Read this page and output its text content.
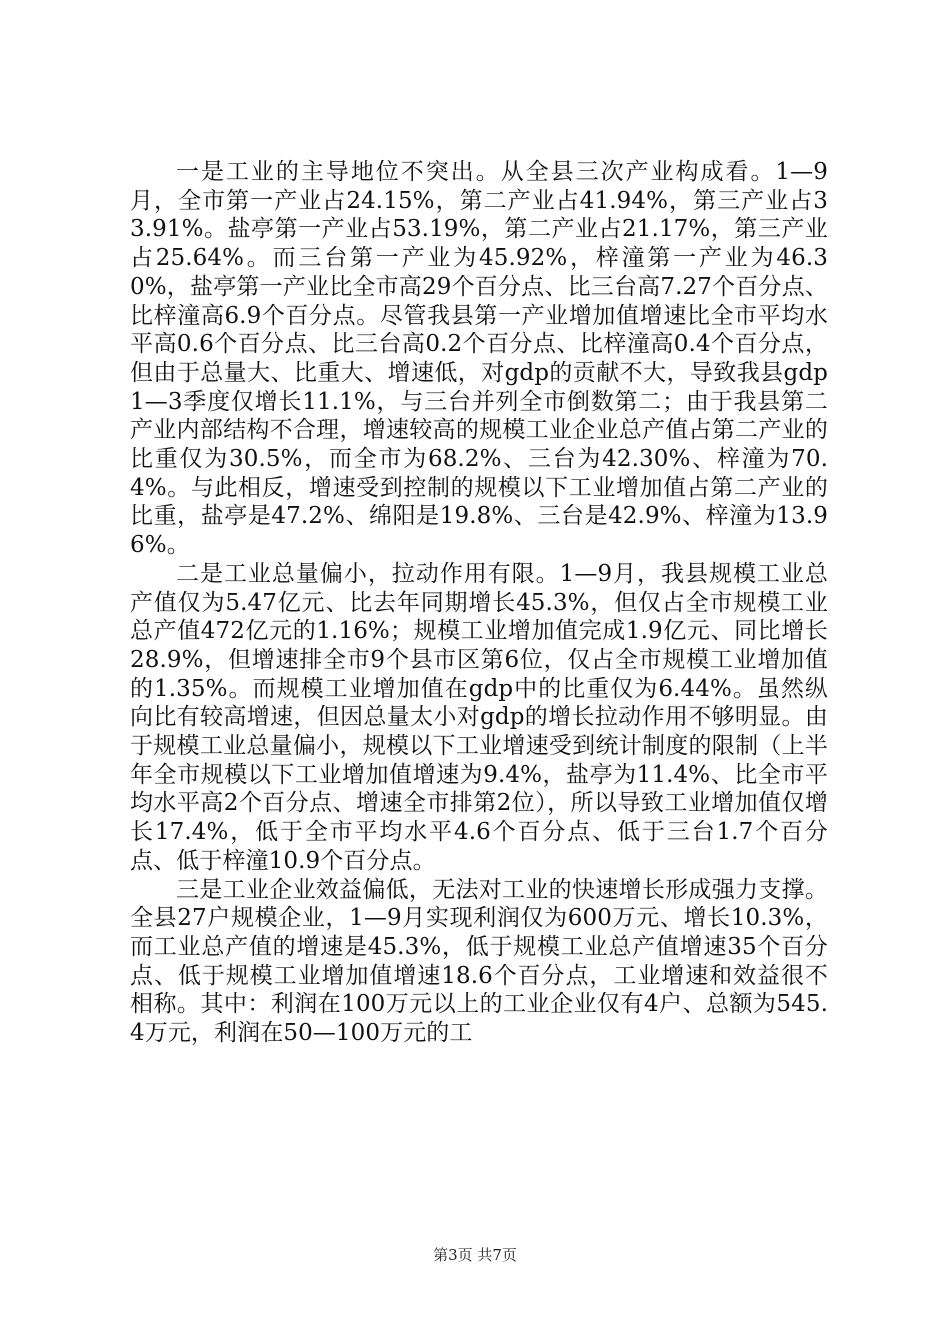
一是工业的主导地位不突出。从全县三次产业构成看。1—9月，全市第一产业占24.15%，第二产业占41.94%，第三产业占33.91%。盐亭第一产业占53.19%，第二产业占21.17%，第三产业占25.64%。而三台第一产业为45.92%，梓潼第一产业为46.30%，盐亭第一产业比全市高29个百分点、比三台高7.27个百分点、比梓潼高6.9个百分点。尽管我县第一产业增加值增速比全市平均水平高0.6个百分点、比三台高0.2个百分点、比梓潼高0.4个百分点，但由于总量大、比重大、增速低，对gdp的贡献不大，导致我县gdp1—3季度仅增长11.1%，与三台并列全市倒数第二；由于我县第二产业内部结构不合理，增速较高的规模工业企业总产值占第二产业的比重仅为30.5%，而全市为68.2%、三台为42.30%、梓潼为70.4%。与此相反，增速受到控制的规模以下工业增加值占第二产业的比重，盐亭是47.2%、绵阳是19.8%、三台是42.9%、梓潼为13.96%。

二是工业总量偏小，拉动作用有限。1—9月，我县规模工业总产值仅为5.47亿元、比去年同期增长45.3%，但仅占全市规模工业总产值472亿元的1.16%；规模工业增加值完成1.9亿元、同比增长28.9%，但增速排全市9个县市区第6位，仅占全市规模工业增加值的1.35%。而规模工业增加值在gdp中的比重仅为6.44%。虽然纵向比有较高增速，但因总量太小对gdp的增长拉动作用不够明显。由于规模工业总量偏小，规模以下工业增速受到统计制度的限制（上半年全市规模以下工业增加值增速为9.4%，盐亭为11.4%、比全市平均水平高2个百分点、增速全市排第2位），所以导致工业增加值仅增长17.4%，低于全市平均水平4.6个百分点、低于三台1.7个百分点、低于梓潼10.9个百分点。

三是工业企业效益偏低，无法对工业的快速增长形成强力支撑。全县27户规模企业，1—9月实现利润仅为600万元、增长10.3%，而工业总产值的增速是45.3%，低于规模工业总产值增速35个百分点、低于规模工业增加值增速18.6个百分点，工业增速和效益很不相称。其中：利润在100万元以上的工业企业仅有4户、总额为545.4万元，利润在50—100万元的工

第3页 共7页
